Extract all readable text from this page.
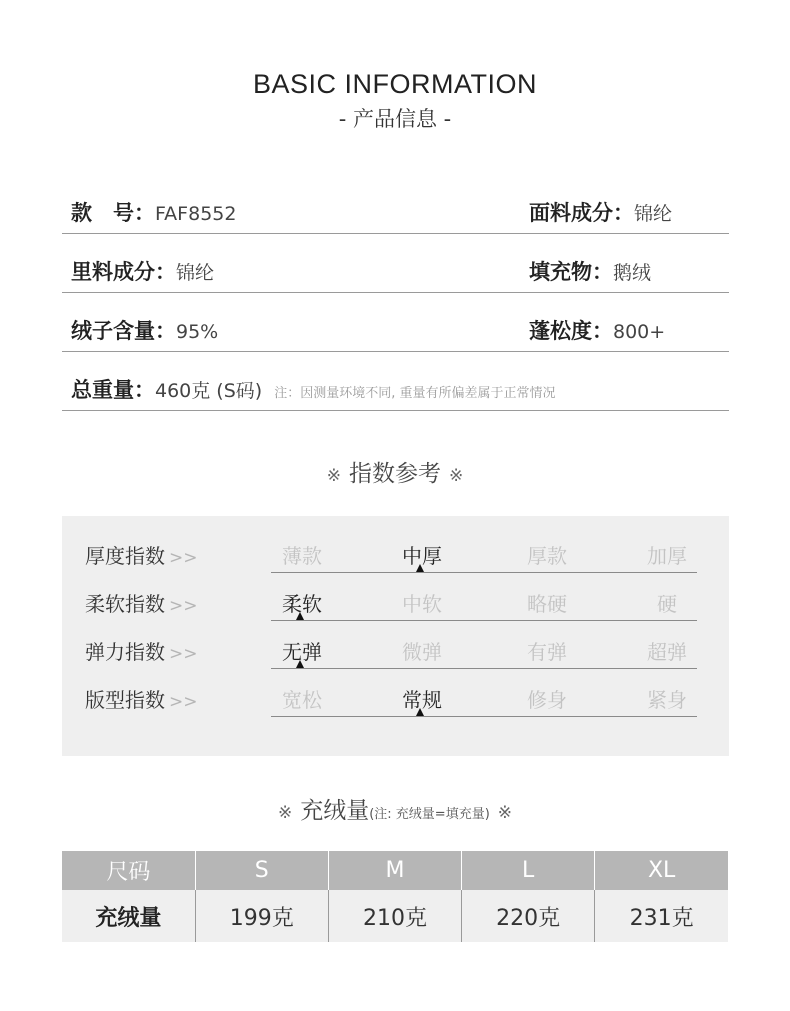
BASIC INFORMATION
- 产品信息 -
款　号：FAF8552	面料成分：锦纶
里料成分：锦纶	填充物：鹅绒
绒子含量：95%	蓬松度：800+
总重量：460克 (S码) 注：因测量环境不同, 重量有所偏差属于正常情况
※ 指数参考 ※
厚度指数 >>	薄款	中厚	厚款	加厚
柔软指数 >>	柔软	中软	略硬	硬
弹力指数 >>	无弹	微弹	有弹	超弹
版型指数 >>	宽松	常规	修身	紧身
※ 充绒量(注: 充绒量=填充量) ※
尺码	S	M	L	XL
充绒量	199克	210克	220克	231克
